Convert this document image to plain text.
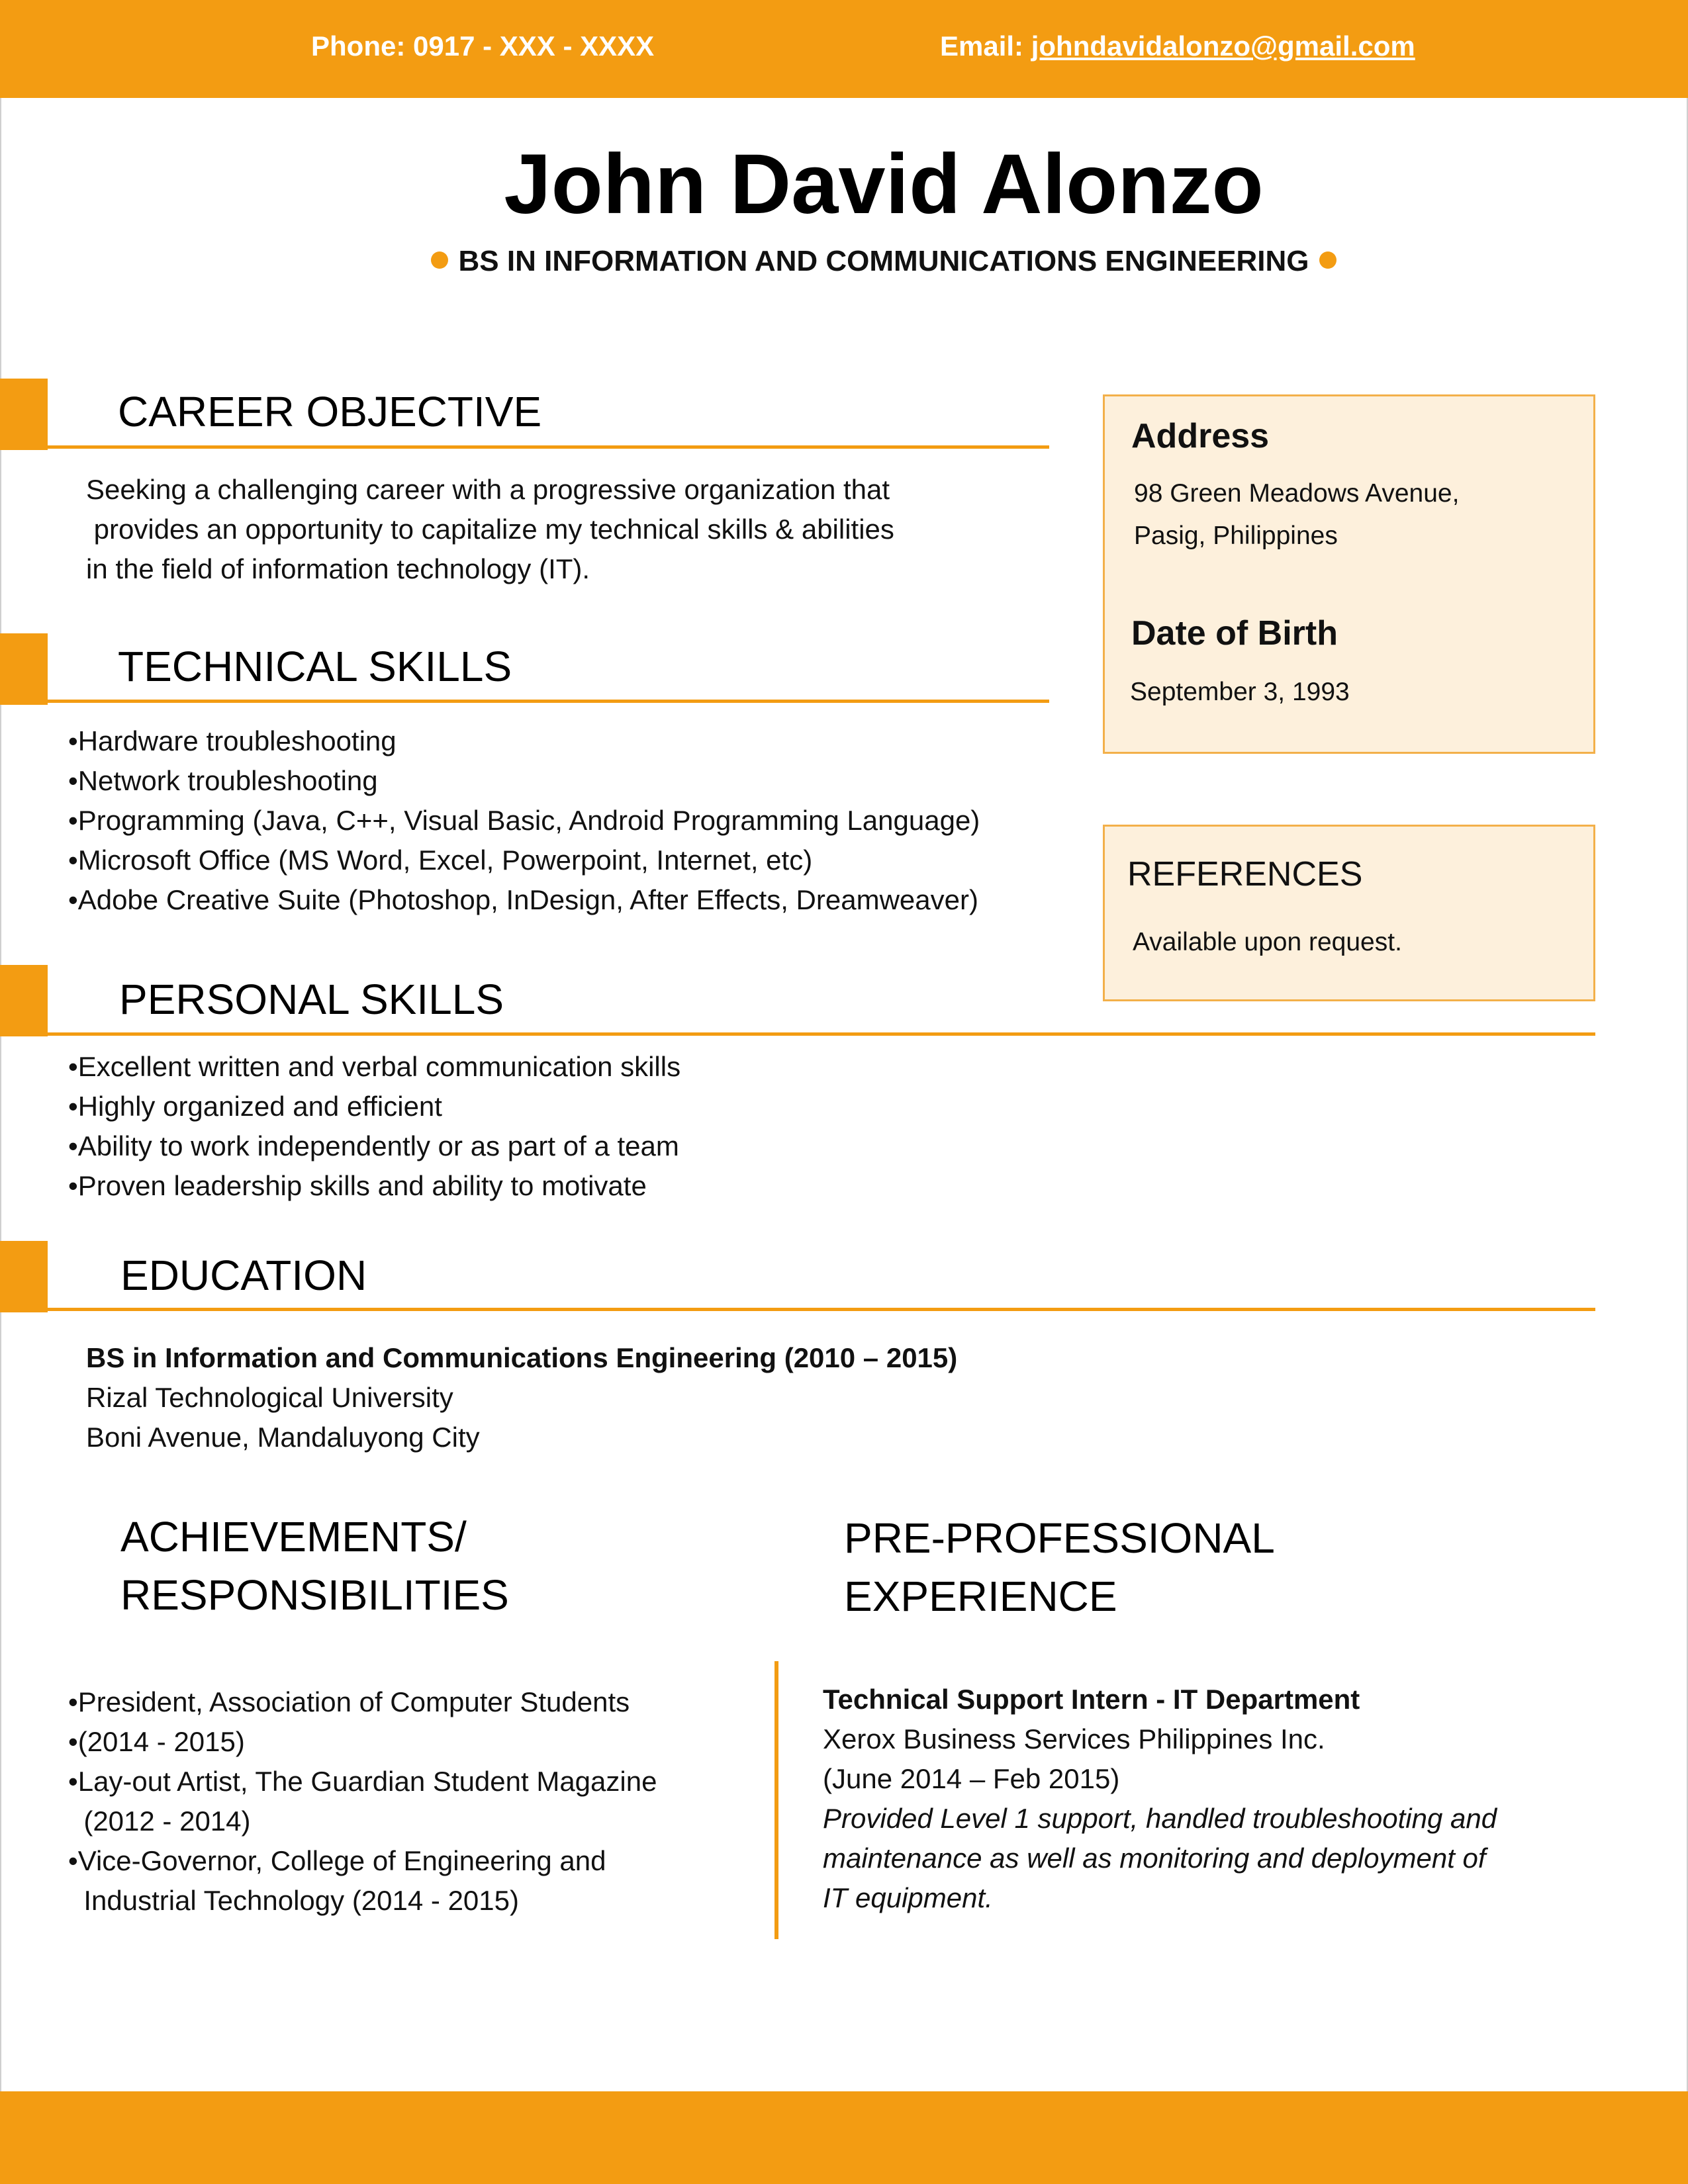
Phone: 0917 - XXX - XXXX	Email: johndavidalonzo@gmail.com
John David Alonzo
BS IN INFORMATION AND COMMUNICATIONS ENGINEERING
CAREER OBJECTIVE
Seeking a challenging career with a progressive organization that
provides an opportunity to capitalize my technical skills & abilities
in the field of information technology (IT).
TECHNICAL SKILLS
•Hardware troubleshooting
•Network troubleshooting
•Programming (Java, C++, Visual Basic, Android Programming Language)
•Microsoft Office (MS Word, Excel, Powerpoint, Internet, etc)
•Adobe Creative Suite (Photoshop, InDesign, After Effects, Dreamweaver)
PERSONAL SKILLS
•Excellent written and verbal communication skills
•Highly organized and efficient
•Ability to work independently or as part of a team
•Proven leadership skills and ability to motivate
EDUCATION
BS in Information and Communications Engineering (2010 – 2015)
Rizal Technological University
Boni Avenue, Mandaluyong City
ACHIEVEMENTS/
RESPONSIBILITIES
•President, Association of Computer Students
•(2014 - 2015)
•Lay-out Artist, The Guardian Student Magazine
(2012 - 2014)
•Vice-Governor, College of Engineering and
Industrial Technology (2014 - 2015)
PRE-PROFESSIONAL
EXPERIENCE
Technical Support Intern - IT Department
Xerox Business Services Philippines Inc.
(June 2014 – Feb 2015)
Provided Level 1 support, handled troubleshooting and
maintenance as well as monitoring and deployment of
IT equipment.
Address
98 Green Meadows Avenue,
Pasig, Philippines
Date of Birth
September 3, 1993
REFERENCES
Available upon request.
